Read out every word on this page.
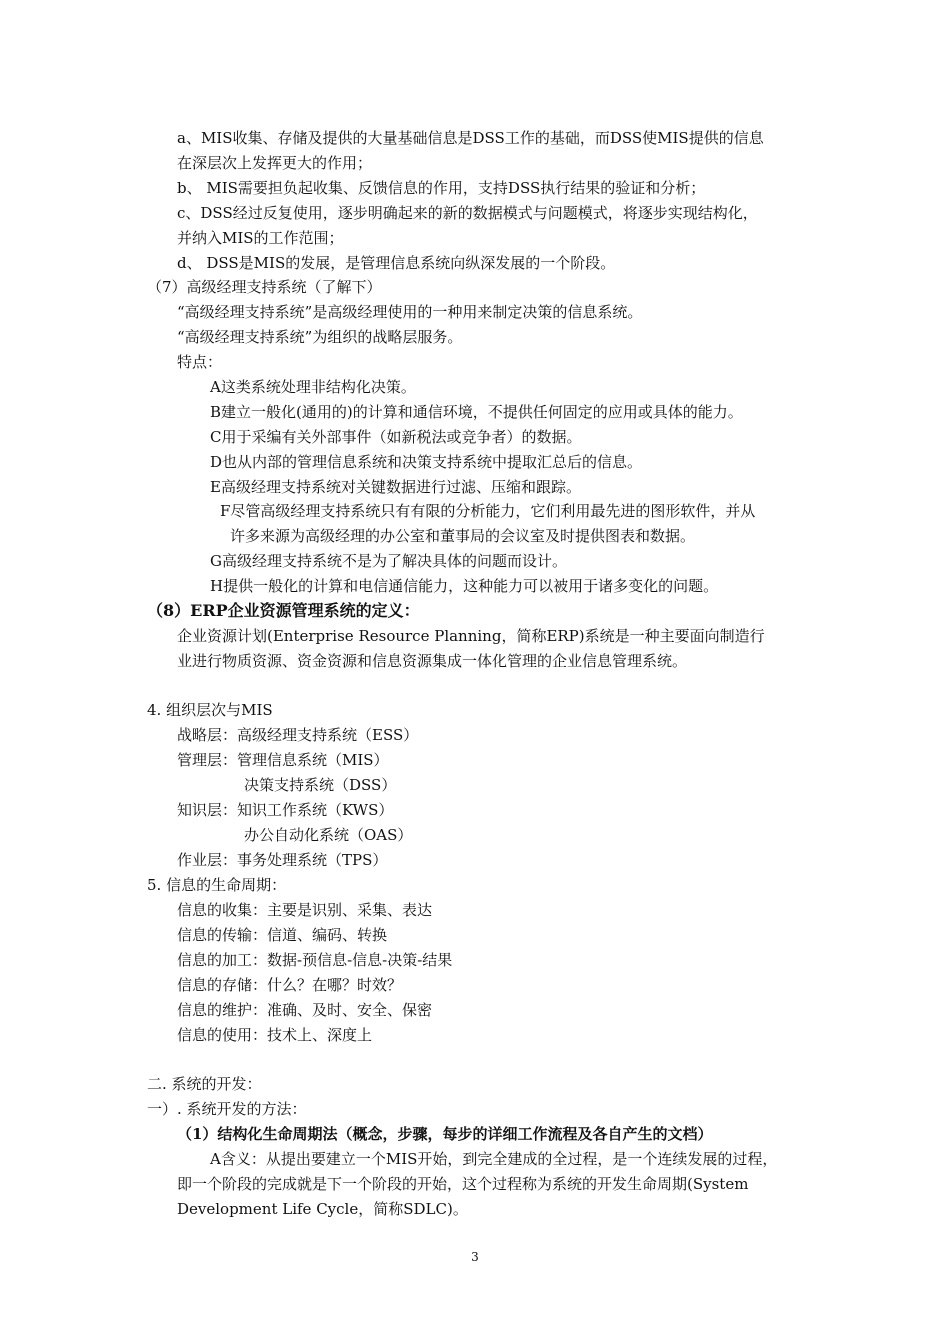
a、MIS收集、存储及提供的大量基础信息是DSS工作的基础，而DSS使MIS提供的信息
在深层次上发挥更大的作用；
b、 MIS需要担负起收集、反馈信息的作用，支持DSS执行结果的验证和分析；
c、DSS经过反复使用，逐步明确起来的新的数据模式与问题模式，将逐步实现结构化，
并纳入MIS的工作范围；
d、 DSS是MIS的发展，是管理信息系统向纵深发展的一个阶段。
（7）高级经理支持系统（了解下）
“高级经理支持系统”是高级经理使用的一种用来制定决策的信息系统。
“高级经理支持系统”为组织的战略层服务。
特点：
A这类系统处理非结构化决策。
B建立一般化(通用的)的计算和通信环境，不提供任何固定的应用或具体的能力。
C用于采编有关外部事件（如新税法或竞争者）的数据。
D也从内部的管理信息系统和决策支持系统中提取汇总后的信息。
E高级经理支持系统对关键数据进行过滤、压缩和跟踪。
F尽管高级经理支持系统只有有限的分析能力，它们利用最先进的图形软件，并从
许多来源为高级经理的办公室和董事局的会议室及时提供图表和数据。
G高级经理支持系统不是为了解决具体的问题而设计。
H提供一般化的计算和电信通信能力，这种能力可以被用于诸多变化的问题。
（8）ERP企业资源管理系统的定义：
企业资源计划(Enterprise Resource Planning，简称ERP)系统是一种主要面向制造行
业进行物质资源、资金资源和信息资源集成一体化管理的企业信息管理系统。
4. 组织层次与MIS
战略层：高级经理支持系统（ESS）
管理层：管理信息系统（MIS）
决策支持系统（DSS）
知识层：知识工作系统（KWS）
办公自动化系统（OAS）
作业层：事务处理系统（TPS）
5. 信息的生命周期：
信息的收集：主要是识别、采集、表达
信息的传输：信道、编码、转换
信息的加工：数据-预信息-信息-决策-结果
信息的存储：什么？在哪？时效？
信息的维护：准确、及时、安全、保密
信息的使用：技术上、深度上
二. 系统的开发：
一）. 系统开发的方法：
（1）结构化生命周期法（概念，步骤，每步的详细工作流程及各自产生的文档）
A含义：从提出要建立一个MIS开始，到完全建成的全过程，是一个连续发展的过程，
即一个阶段的完成就是下一个阶段的开始，这个过程称为系统的开发生命周期(System
Development Life Cycle，简称SDLC)。
3
